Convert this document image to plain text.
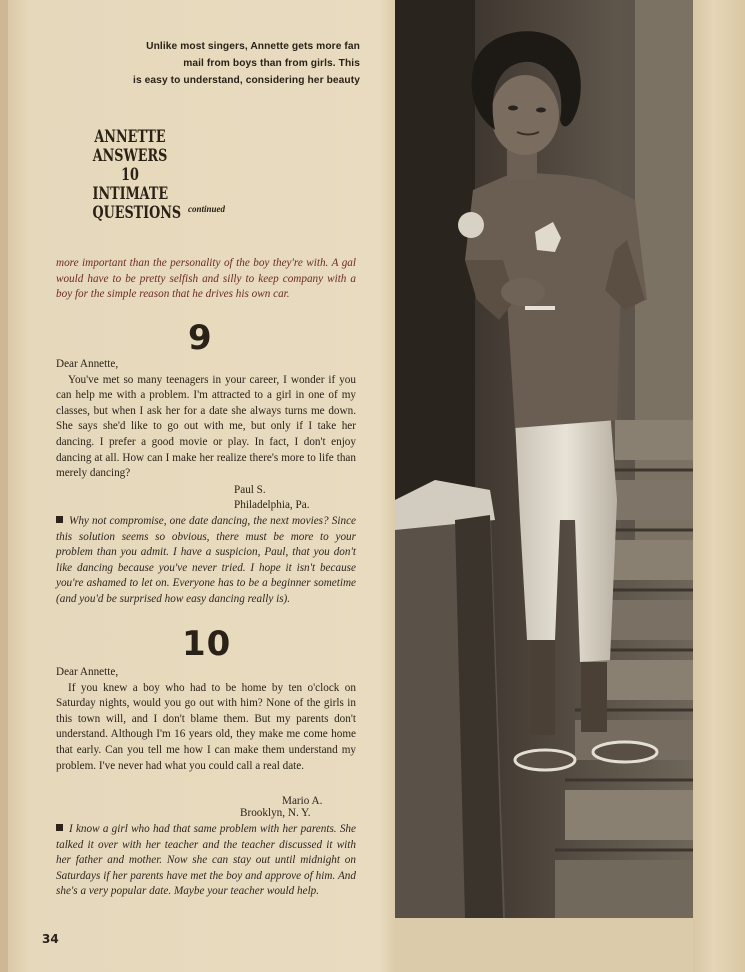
Unlike most singers, Annette gets more fan
mail from boys than from girls. This
is easy to understand, considering her beauty
ANNETTE
ANSWERS
10 INTIMATE
QUESTIONS continued
more important than the personality of the boy they're with. A gal would have to be pretty selfish and silly to keep company with a boy for the simple reason that he drives his own car.
9
Dear Annette,
You've met so many teenagers in your career, I wonder if you can help me with a problem. I'm attracted to a girl in one of my classes, but when I ask her for a date she always turns me down. She says she'd like to go out with me, but only if I take her dancing. I prefer a good movie or play. In fact, I don't enjoy dancing at all. How can I make her realize there's more to life than merely dancing?
Paul S.
Philadelphia, Pa.
Why not compromise, one date dancing, the next movies? Since this solution seems so obvious, there must be more to your problem than you admit. I have a suspicion, Paul, that you don't like dancing because you've never tried. I hope it isn't because you're ashamed to let on. Everyone has to be a beginner sometime (and you'd be surprised how easy dancing really is).
10
Dear Annette,
If you knew a boy who had to be home by ten o'clock on Saturday nights, would you go out with him? None of the girls in this town will, and I don't blame them. But my parents don't understand. Although I'm 16 years old, they make me come home that early. Can you tell me how I can make them understand my problem. I've never had what you could call a real date.
Mario A.
Brooklyn, N. Y.
I know a girl who had that same problem with her parents. She talked it over with her teacher and the teacher discussed it with her father and mother. Now she can stay out until midnight on Saturdays if her parents have met the boy and approve of him. And she's a very popular date. Maybe your teacher would help.
34
